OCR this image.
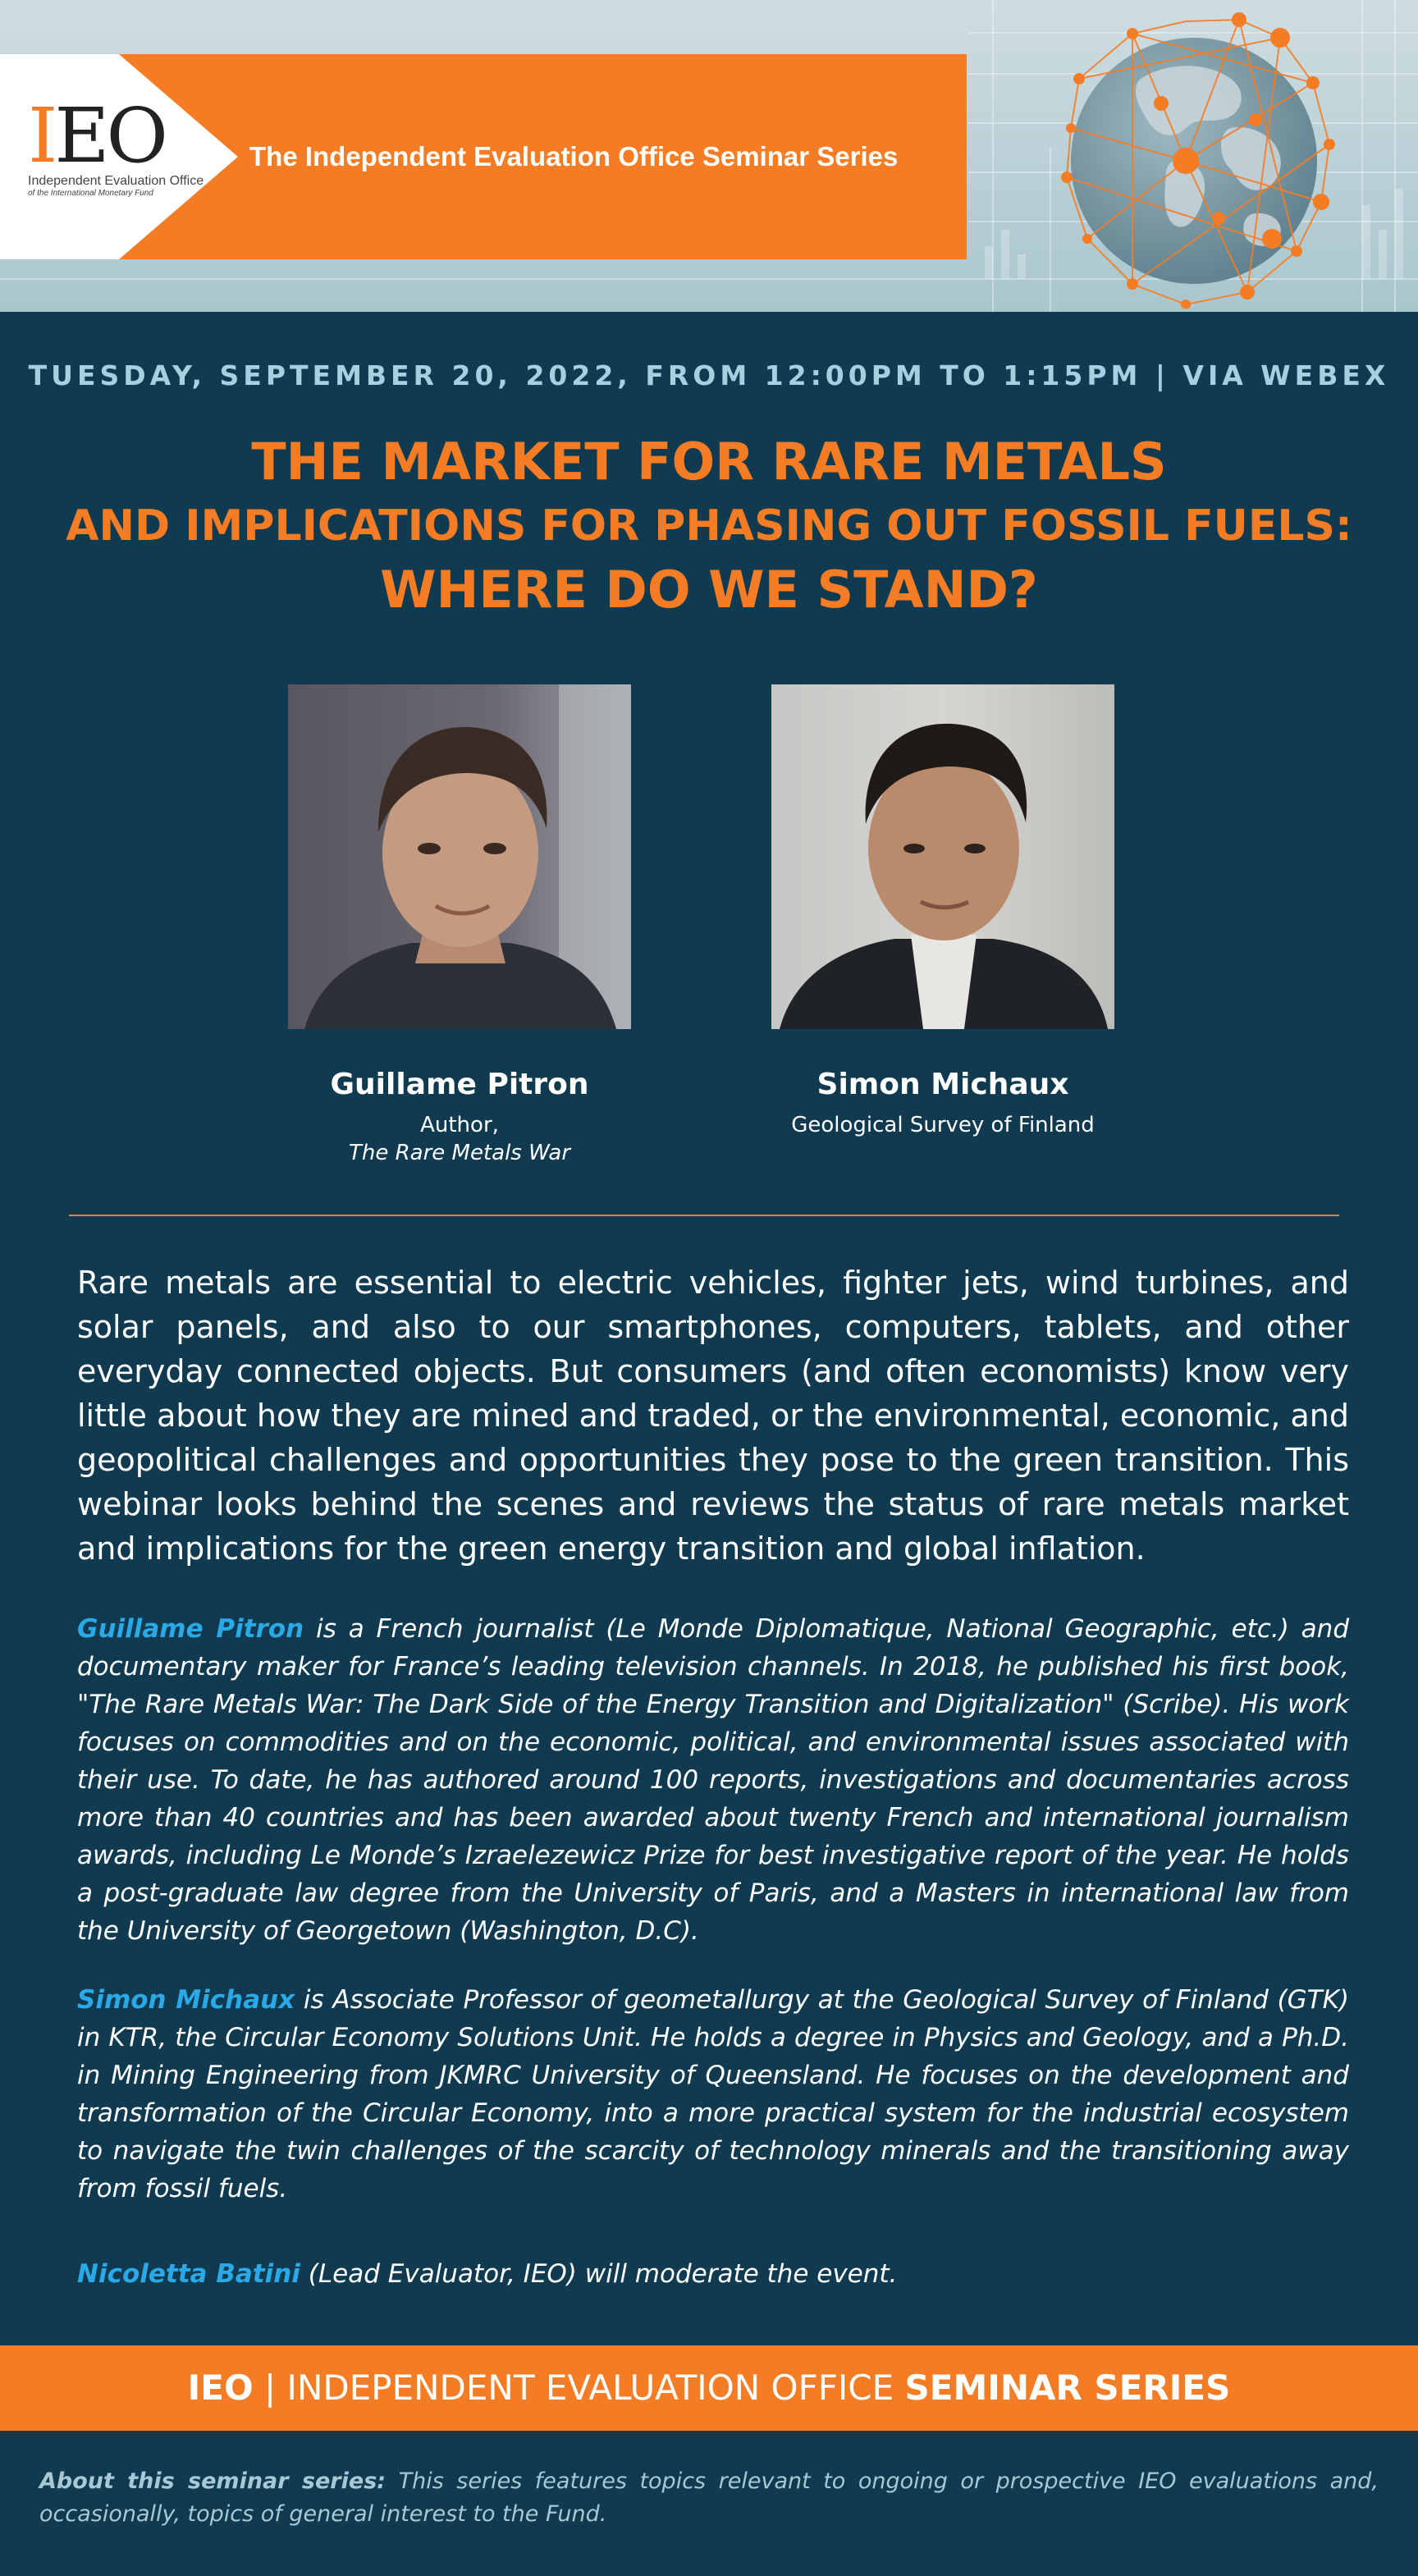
IEO
Independent Evaluation Office
of the International Monetary Fund
The Independent Evaluation Office Seminar Series
TUESDAY, SEPTEMBER 20, 2022, FROM 12:00PM TO 1:15PM | VIA WEBEX
THE MARKET FOR RARE METALS
AND IMPLICATIONS FOR PHASING OUT FOSSIL FUELS:
WHERE DO WE STAND?
Guillame Pitron
Author,
The Rare Metals War
Simon Michaux
Geological Survey of Finland

Rare metals are essential to electric vehicles, fighter jets, wind turbines, and solar panels, and also to our smartphones, computers, tablets, and other everyday connected objects. But consumers (and often economists) know very little about how they are mined and traded, or the environmental, economic, and geopolitical challenges and opportunities they pose to the green transition. This webinar looks behind the scenes and reviews the status of rare metals market and implications for the green energy transition and global inflation.

Guillame Pitron is a French journalist (Le Monde Diplomatique, National Geographic, etc.) and documentary maker for France’s leading television channels. In 2018, he published his first book, "The Rare Metals War: The Dark Side of the Energy Transition and Digitalization" (Scribe). His work focuses on commodities and on the economic, political, and environmental issues associated with their use. To date, he has authored around 100 reports, investigations and documentaries across more than 40 countries and has been awarded about twenty French and international journalism awards, including Le Monde’s Izraelezewicz Prize for best investigative report of the year. He holds a post-graduate law degree from the University of Paris, and a Masters in international law from the University of Georgetown (Washington, D.C).

Simon Michaux is Associate Professor of geometallurgy at the Geological Survey of Finland (GTK) in KTR, the Circular Economy Solutions Unit. He holds a degree in Physics and Geology, and a Ph.D. in Mining Engineering from JKMRC University of Queensland. He focuses on the development and transformation of the Circular Economy, into a more practical system for the industrial ecosystem to navigate the twin challenges of the scarcity of technology minerals and the transitioning away from fossil fuels.

Nicoletta Batini (Lead Evaluator, IEO) will moderate the event.

IEO | INDEPENDENT EVALUATION OFFICE SEMINAR SERIES

About this seminar series: This series features topics relevant to ongoing or prospective IEO evaluations and, occasionally, topics of general interest to the Fund.
